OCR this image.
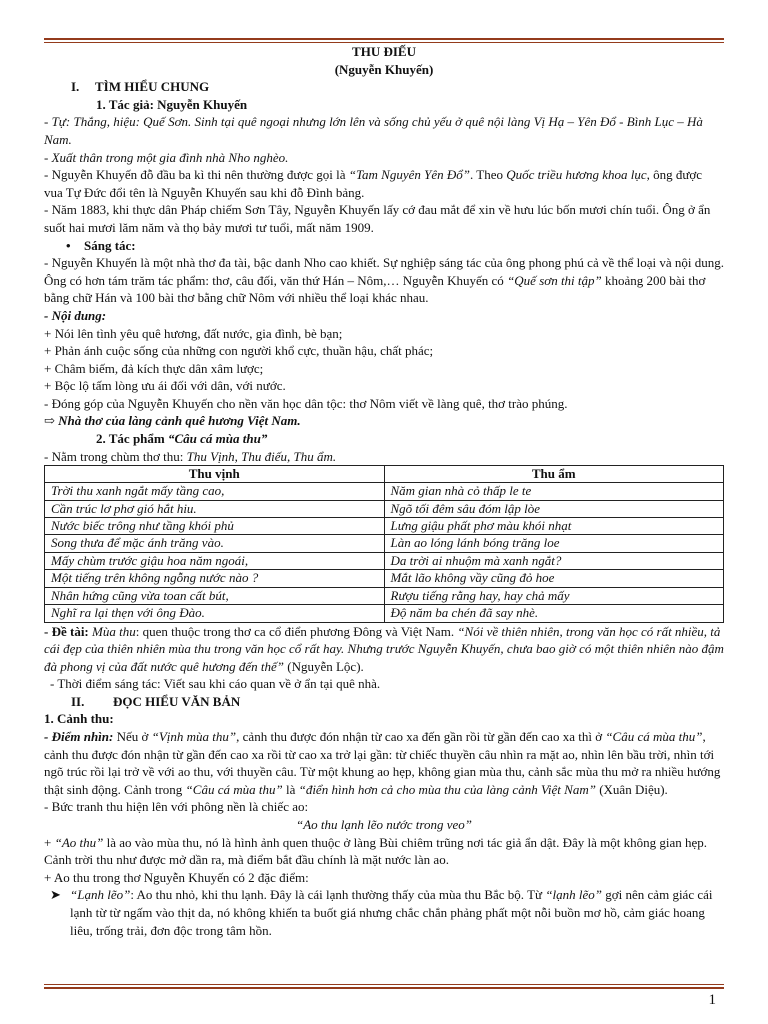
THU ĐIẾU

(Nguyễn Khuyến)

I. TÌM HIỂU CHUNG

1. Tác giả: Nguyễn Khuyến

- Tự: Thắng, hiệu: Quế Sơn. Sinh tại quê ngoại nhưng lớn lên và sống chủ yếu ở quê nội làng Vị Hạ – Yên Đổ - Bình Lục – Hà Nam.

- Xuất thân trong một gia đình nhà Nho nghèo.

- Nguyễn Khuyến đỗ đầu ba kì thi nên thường được gọi là “Tam Nguyên Yên Đổ”. Theo Quốc triều hương khoa lục, ông được vua Tự Đức đổi tên là Nguyễn Khuyến sau khi đỗ Đình bảng.

- Năm 1883, khi thực dân Pháp chiếm Sơn Tây, Nguyễn Khuyến lấy cớ đau mắt để xin về hưu lúc bốn mươi chín tuổi. Ông ở ẩn suốt hai mươi lăm năm và thọ bảy mươi tư tuổi, mất năm 1909.

• Sáng tác:

- Nguyễn Khuyến là một nhà thơ đa tài, bậc danh Nho cao khiết. Sự nghiệp sáng tác của ông phong phú cả về thể loại và nội dung. Ông có hơn tám trăm tác phẩm: thơ, câu đối, văn thứ Hán – Nôm,… Nguyễn Khuyến có “Quế sơn thi tập” khoảng 200 bài thơ bằng chữ Hán và 100 bài thơ bằng chữ Nôm với nhiều thể loại khác nhau.

- Nội dung:

+ Nói lên tình yêu quê hương, đất nước, gia đình, bè bạn;

+ Phản ánh cuộc sống của những con người khổ cực, thuần hậu, chất phác;

+ Châm biếm, đả kích thực dân xâm lược;

+ Bộc lộ tấm lòng ưu ái đối với dân, với nước.

- Đóng góp của Nguyễn Khuyến cho nền văn học dân tộc: thơ Nôm viết về làng quê, thơ trào phúng.

⇨ Nhà thơ của làng cảnh quê hương Việt Nam.

2. Tác phẩm “Câu cá mùa thu”

- Nằm trong chùm thơ thu: Thu Vịnh, Thu điếu, Thu ẩm.

Thu vịnh	Thu ẩm
Trời thu xanh ngắt mấy tầng cao,	Năm gian nhà cỏ thấp le te
Cần trúc lơ phơ gió hắt hiu.	Ngõ tối đêm sâu đóm lập lòe
Nước biếc trông như tầng khói phủ	Lưng giậu phất phơ màu khói nhạt
Song thưa để mặc ánh trăng vào.	Làn ao lóng lánh bóng trăng loe
Mấy chùm trước giậu hoa năm ngoái,	Da trời ai nhuộm mà xanh ngắt?
Một tiếng trên không ngỗng nước nào ?	Mắt lão không vầy cũng đỏ hoe
Nhân hứng cũng vừa toan cất bút,	Rượu tiếng rằng hay, hay chả mấy
Nghĩ ra lại thẹn với ông Đào.	Độ năm ba chén đã say nhè.

- Đề tài: Mùa thu: quen thuộc trong thơ ca cổ điển phương Đông và Việt Nam. “Nói về thiên nhiên, trong văn học có rất nhiều, tả cái đẹp của thiên nhiên mùa thu trong văn học cổ rất hay. Nhưng trước Nguyễn Khuyến, chưa bao giờ có một thiên nhiên nào đậm đà phong vị của đất nước quê hương đến thế” (Nguyễn Lộc).

- Thời điểm sáng tác: Viết sau khi cáo quan về ở ẩn tại quê nhà.

II. ĐỌC HIỂU VĂN BẢN

1. Cảnh thu:

- Điểm nhìn: Nếu ở “Vịnh mùa thu”, cảnh thu được đón nhận từ cao xa đến gần rồi từ gần đến cao xa thì ở “Câu cá mùa thu”, cảnh thu được đón nhận từ gần đến cao xa rồi từ cao xa trở lại gần: từ chiếc thuyền câu nhìn ra mặt ao, nhìn lên bầu trời, nhìn tới ngõ trúc rồi lại trở về với ao thu, với thuyền câu. Từ một khung ao hẹp, không gian mùa thu, cảnh sắc mùa thu mở ra nhiều hướng thật sinh động. Cảnh trong “Câu cá mùa thu” là “điển hình hơn cả cho mùa thu của làng cảnh Việt Nam” (Xuân Diệu).

- Bức tranh thu hiện lên với phông nền là chiếc ao:

“Ao thu lạnh lẽo nước trong veo”

+ “Ao thu” là ao vào mùa thu, nó là hình ảnh quen thuộc ở làng Bùi chiêm trũng nơi tác giả ẩn dật. Đây là một không gian hẹp. Cảnh trời thu như được mở dần ra, mà điểm bắt đầu chính là mặt nước làn ao.

+ Ao thu trong thơ Nguyễn Khuyến có 2 đặc điểm:

➤ “Lạnh lẽo”: Ao thu nhỏ, khi thu lạnh. Đây là cái lạnh thường thấy của mùa thu Bắc bộ. Từ “lạnh lẽo” gợi nên cảm giác cái lạnh từ từ ngấm vào thịt da, nó không khiến ta buốt giá nhưng chắc chắn phảng phất một nỗi buồn mơ hồ, cảm giác hoang liêu, trống trải, đơn độc trong tâm hồn.

1
